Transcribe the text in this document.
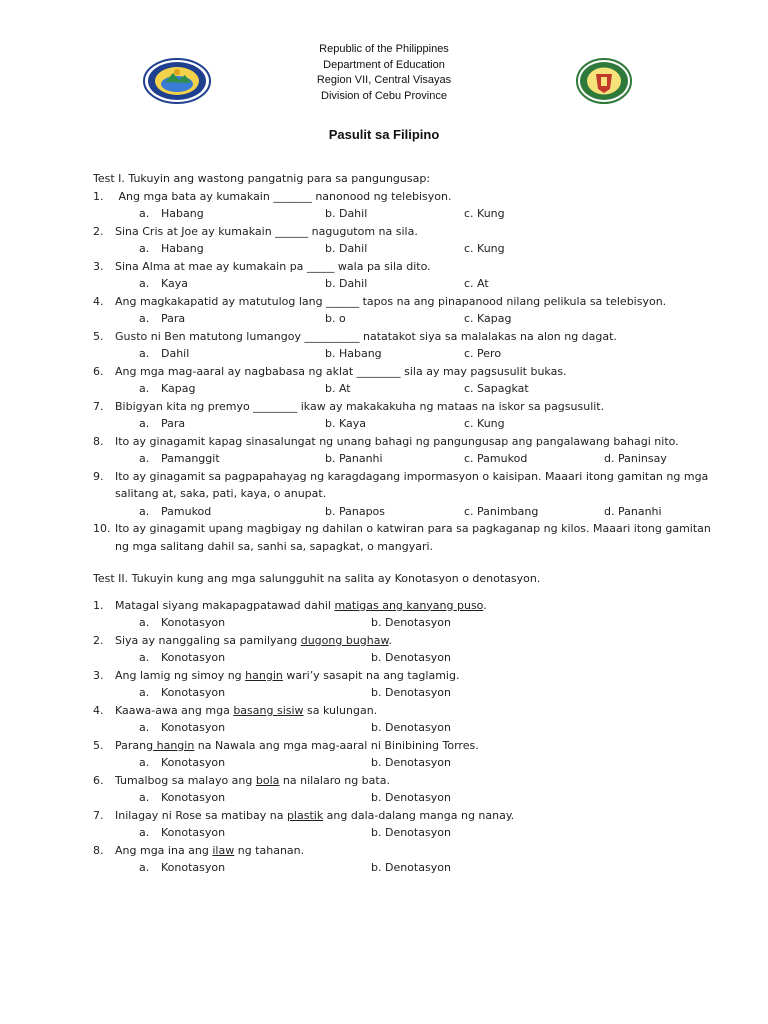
Republic of the Philippines
Department of Education
Region VII, Central Visayas
Division of Cebu Province
Pasulit sa Filipino
Test I. Tukuyin ang wastong pangatnig para sa pangungusap:
1.	Ang mga bata ay kumakain _______ nanonood ng telebisyon.
a.	Habang	b. Dahil	c. Kung
2.	Sina Cris at Joe ay kumakain ______ nagugutom na sila.
a.	Habang	b. Dahil	c. Kung
3.	Sina Alma at mae ay kumakain pa _____ wala pa sila dito.
a.	Kaya	b. Dahil	c. At
4.	Ang magkakapatid ay matutulog lang ______ tapos na ang pinapanood nilang pelikula sa telebisyon.
a.	Para	b. o	c. Kapag
5.	Gusto ni Ben matutong lumangoy __________ natatakot siya sa malalakas na alon ng dagat.
a.	Dahil	b. Habang	c. Pero
6.	Ang mga mag-aaral ay nagbabasa ng aklat ________ sila ay may pagsusulit bukas.
a.	Kapag	b. At	c. Sapagkat
7.	Bibigyan kita ng premyo ________ ikaw ay makakakuha ng mataas na iskor sa pagsusulit.
a.	Para	b. Kaya	c. Kung
8.	Ito ay ginagamit kapag sinasalungat ng unang bahagi ng pangungusap ang pangalawang bahagi nito.
a.	Pamanggit	b. Pananhi	c. Pamukod	d. Paninsay
9.	Ito ay ginagamit sa pagpapahayag ng karagdagang impormasyon o kaisipan. Maaari itong gamitan ng mga salitang at, saka, pati, kaya, o anupat.
a.	Pamukod	b. Panapos	c. Panimbang	d. Pananhi
10. Ito ay ginagamit upang magbigay ng dahilan o katwiran para sa pagkaganap ng kilos. Maaari itong gamitan ng mga salitang dahil sa, sanhi sa, sapagkat, o mangyari.
Test II. Tukuyin kung ang mga salungguhit na salita ay Konotasyon o denotasyon.
1.	Matagal siyang makapagpatawad dahil matigas ang kanyang puso.
a.	Konotasyon	b. Denotasyon
2.	Siya ay nanggaling sa pamilyang dugong bughaw.
a.	Konotasyon	b. Denotasyon
3.	Ang lamig ng simoy ng hangin wari’y sasapit na ang taglamig.
a.	Konotasyon	b. Denotasyon
4.	Kaawa-awa ang mga basang sisiw sa kulungan.
a.	Konotasyon	b. Denotasyon
5.	Parang hangin na Nawala ang mga mag-aaral ni Binibining Torres.
a.	Konotasyon	b. Denotasyon
6.	Tumalbog sa malayo ang bola na nilalaro ng bata.
a.	Konotasyon	b. Denotasyon
7.	Inilagay ni Rose sa matibay na plastik ang dala-dalang manga ng nanay.
a.	Konotasyon	b. Denotasyon
8.	Ang mga ina ang ilaw ng tahanan.
a.	Konotasyon	b. Denotasyon
